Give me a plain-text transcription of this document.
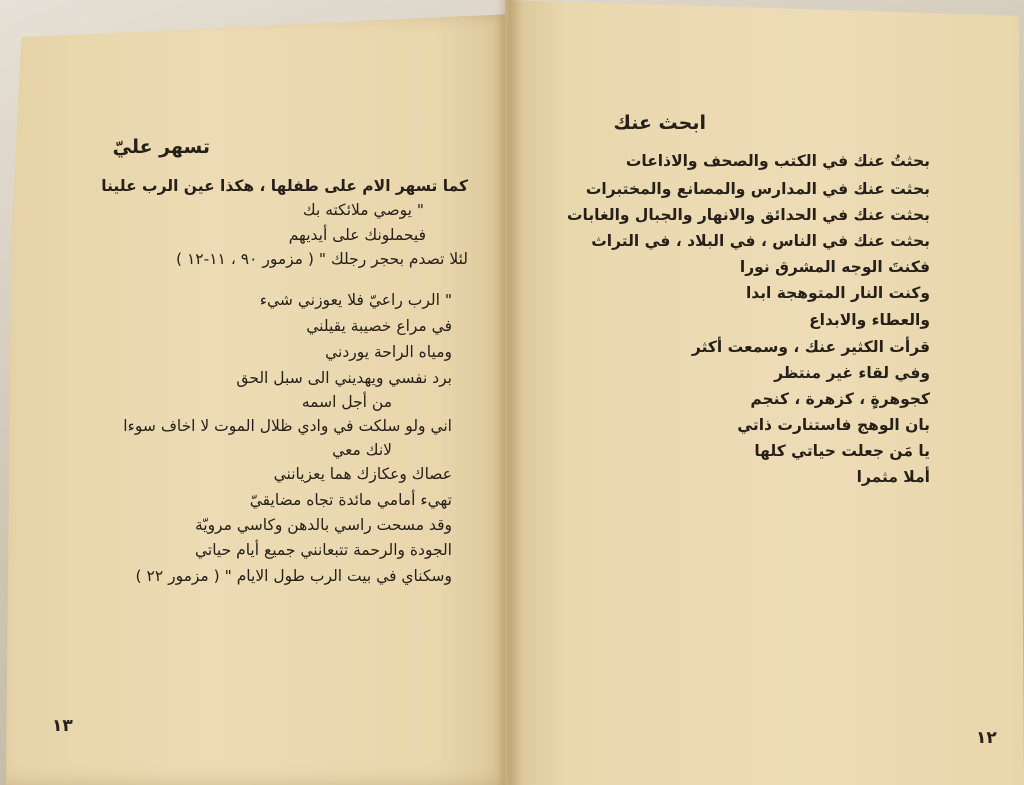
تسهر عليّ
كما تسهر الام على طفلها ، هكذا عين الرب علينا
" يوصي ملائكته بك
فيحملونك على أيديهم
لئلا تصدم بحجر رجلك " ( مزمور ٩٠ ، ١١-١٢ )
" الرب راعيّ فلا يعوزني شيء
في مراع خصيبة يقيلني
ومياه الراحة يوردني
برد نفسي ويهديني الى سبل الحق
من أجل اسمه
اني ولو سلكت في وادي ظلال الموت لا اخاف سوءا
لانك معي
عصاك وعكازك هما يعزيانني
تهيء أمامي مائدة تجاه مضايقيّ
وقد مسحت راسي بالدهن وكاسي مرويّة
الجودة والرحمة تتبعانني جميع أيام حياتي
وسكناي في بيت الرب طول الايام " ( مزمور ٢٢ )
١٣
ابحث عنك
بحثتُ عنك في الكتب والصحف والاذاعات
بحثت عنك في المدارس والمصانع والمختبرات
بحثت عنك في الحدائق والانهار والجبال والغابات
بحثت عنك في الناس ، في البلاد ، في التراث
فكنتَ الوجه المشرق نورا
وكنت النار المتوهجة ابدا
والعطاء والابداع
قرأت الكثير عنك ، وسمعت أكثر
وفي لقاء غير منتظر
كجوهرةٍ ، كزهرة ، كنجم
بان الوهج فاستنارت ذاتي
يا مَن جعلت حياتي كلها
أملا مثمرا
١٢
